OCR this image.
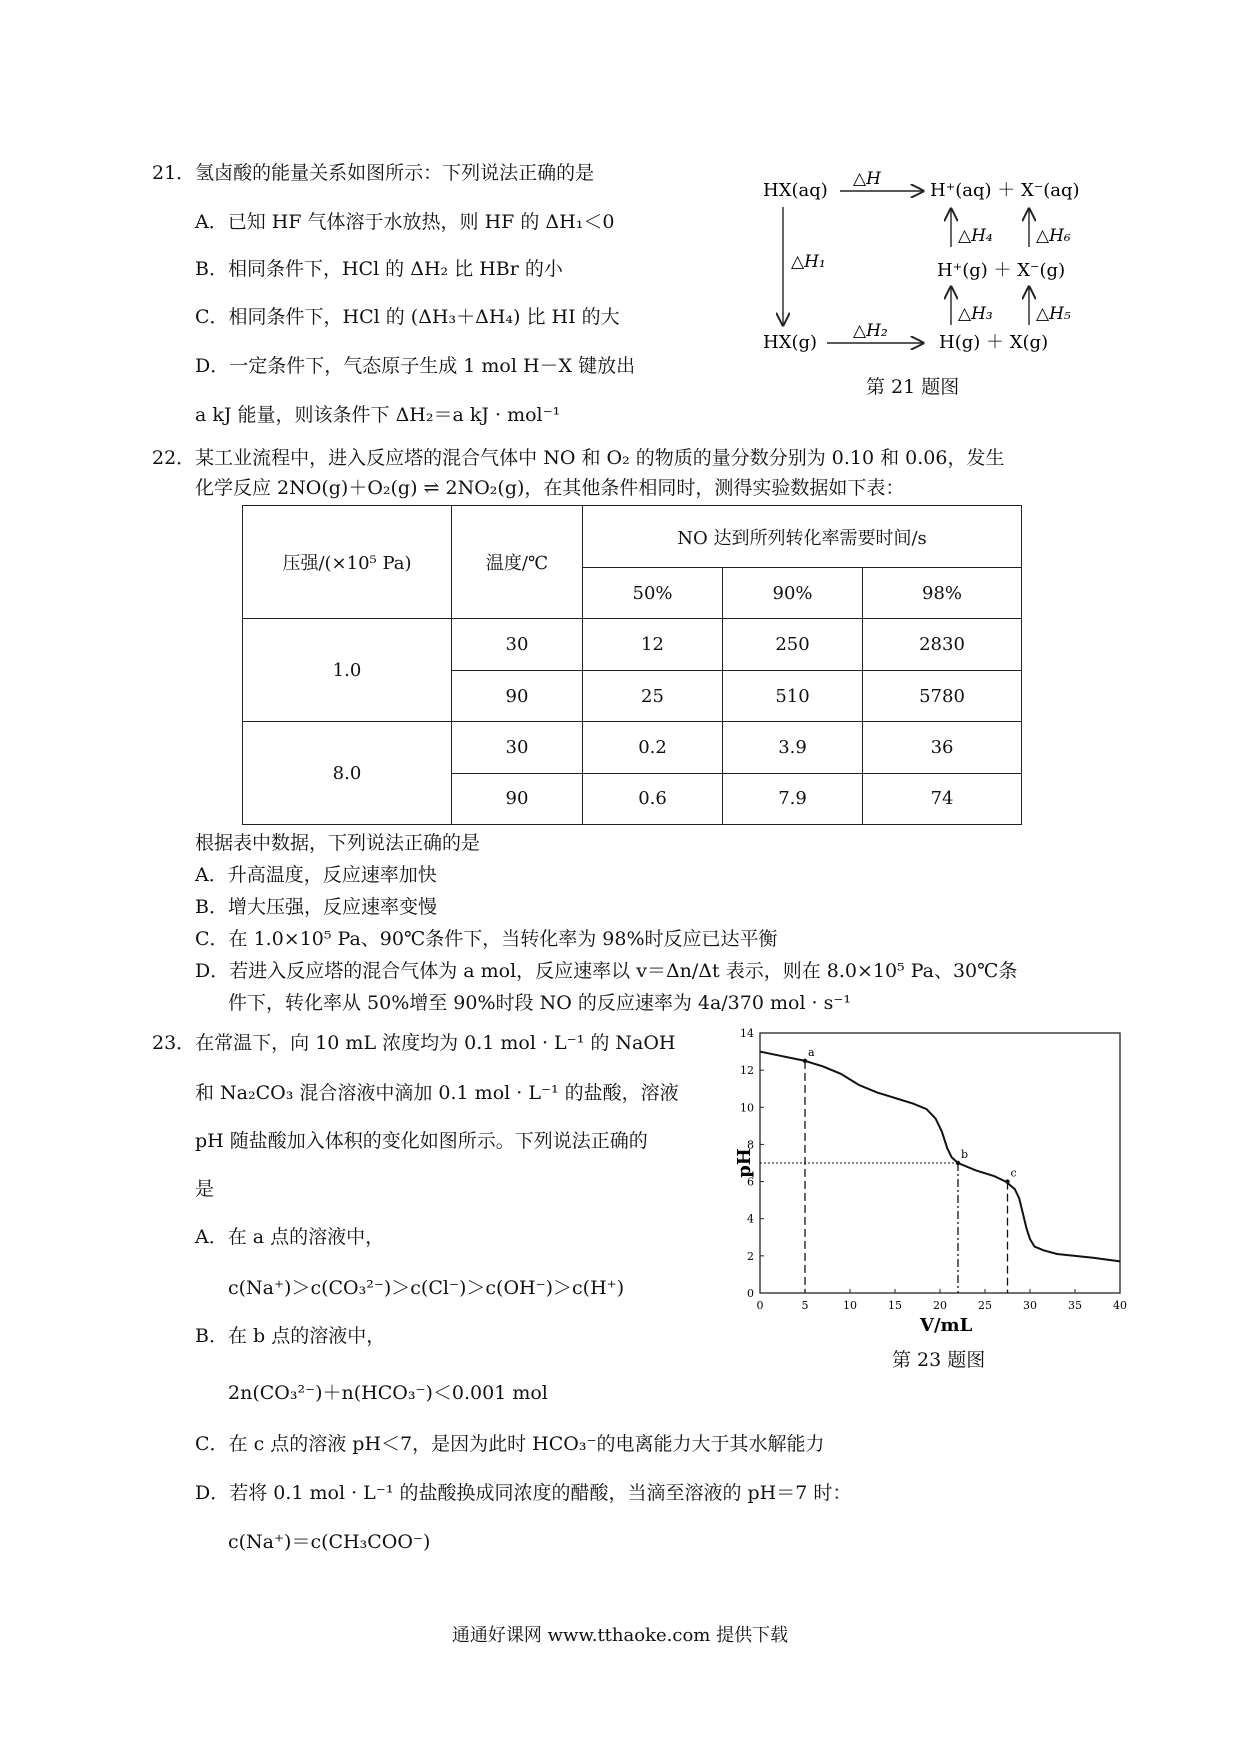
21．氢卤酸的能量关系如图所示：下列说法正确的是
A．已知 HF 气体溶于水放热，则 HF 的 ΔH₁＜0
B．相同条件下，HCl 的 ΔH₂ 比 HBr 的小
C．相同条件下，HCl 的 (ΔH₃＋ΔH₄) 比 HI 的大
D．一定条件下，气态原子生成 1 mol H－X 键放出
a kJ 能量，则该条件下 ΔH₂＝a kJ · mol⁻¹
HX(aq)
△H
H⁺(aq) ＋ X⁻(aq)
△H₄	△H₆
△H₁	H⁺(g) ＋ X⁻(g)
△H₃	△H₅
HX(g)
△H₂
H(g) ＋ X(g)
第 21 题图
22．某工业流程中，进入反应塔的混合气体中 NO 和 O₂ 的物质的量分数分别为 0.10 和 0.06，发生
化学反应 2NO(g)＋O₂(g) ⇌ 2NO₂(g)，在其他条件相同时，测得实验数据如下表：
压强/(×10⁵ Pa)	温度/℃	NO 达到所列转化率需要时间/s		
		50%	90%	98%
1.0	30	12	250	2830
	90	25	510	5780
8.0	30	0.2	3.9	36
	90	0.6	7.9	74
根据表中数据，下列说法正确的是
A．升高温度，反应速率加快
B．增大压强，反应速率变慢
C．在 1.0×10⁵ Pa、90℃条件下，当转化率为 98%时反应已达平衡
D．若进入反应塔的混合气体为 a mol，反应速率以 v＝Δn/Δt 表示，则在 8.0×10⁵ Pa、30℃条
件下，转化率从 50%增至 90%时段 NO 的反应速率为 4a/370 mol · s⁻¹
23．在常温下，向 10 mL 浓度均为 0.1 mol · L⁻¹ 的 NaOH
和 Na₂CO₃ 混合溶液中滴加 0.1 mol · L⁻¹ 的盐酸，溶液
pH 随盐酸加入体积的变化如图所示。下列说法正确的
是
A．在 a 点的溶液中，
c(Na⁺)＞c(CO₃²⁻)＞c(Cl⁻)＞c(OH⁻)＞c(H⁺)
B．在 b 点的溶液中，
2n(CO₃²⁻)＋n(HCO₃⁻)＜0.001 mol
C．在 c 点的溶液 pH＜7，是因为此时 HCO₃⁻的电离能力大于其水解能力
D．若将 0.1 mol · L⁻¹ 的盐酸换成同浓度的醋酸，当滴至溶液的 pH＝7 时：
c(Na⁺)＝c(CH₃COO⁻)
0	5	10	15	20	25	30	35	40
0
2
4
6
8
10
12
14
V/mL
pH
a
b
c
第 23 题图
通通好课网 www.tthaoke.com 提供下载
